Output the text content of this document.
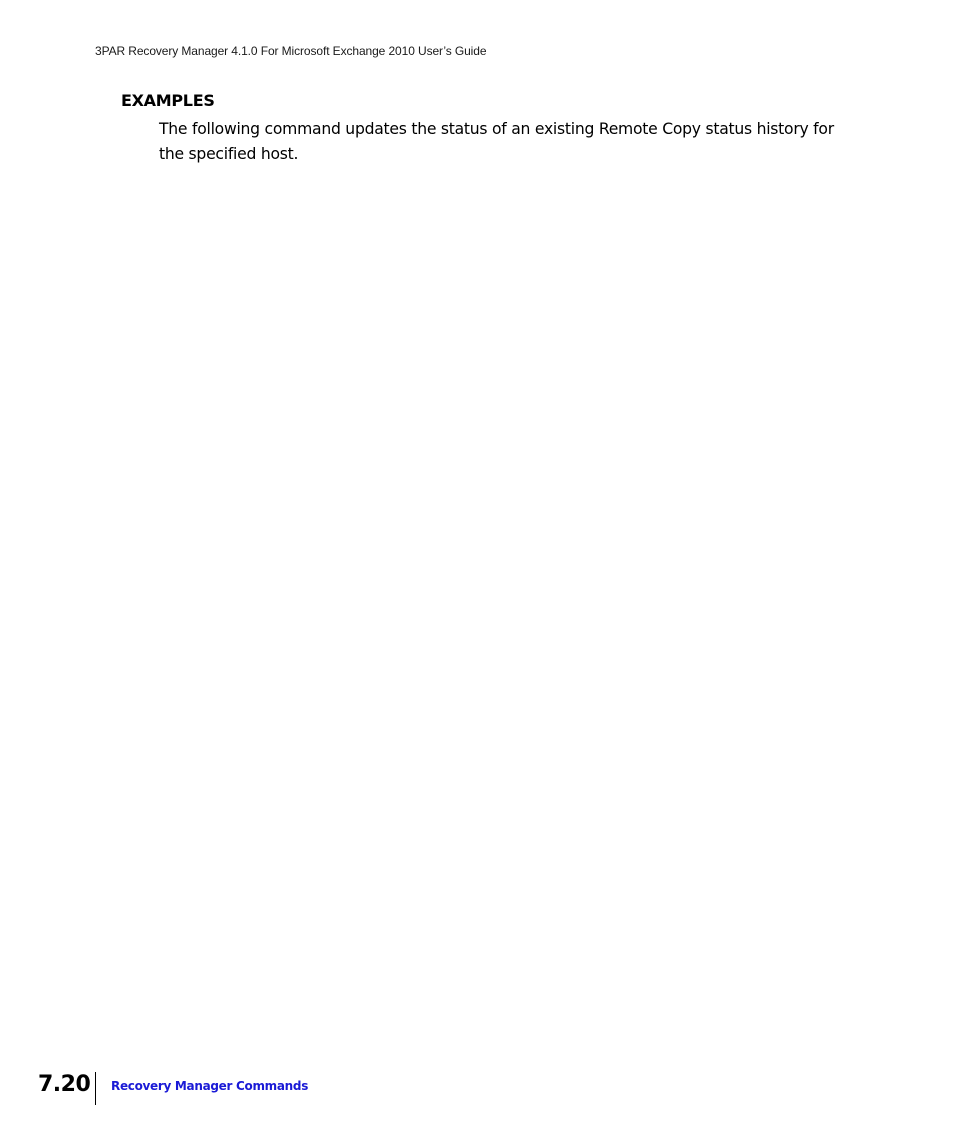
3PAR Recovery Manager 4.1.0 For Microsoft Exchange 2010 User’s Guide
EXAMPLES

The following command updates the status of an existing Remote Copy status history for the specified host.

7.20 Recovery Manager Commands
